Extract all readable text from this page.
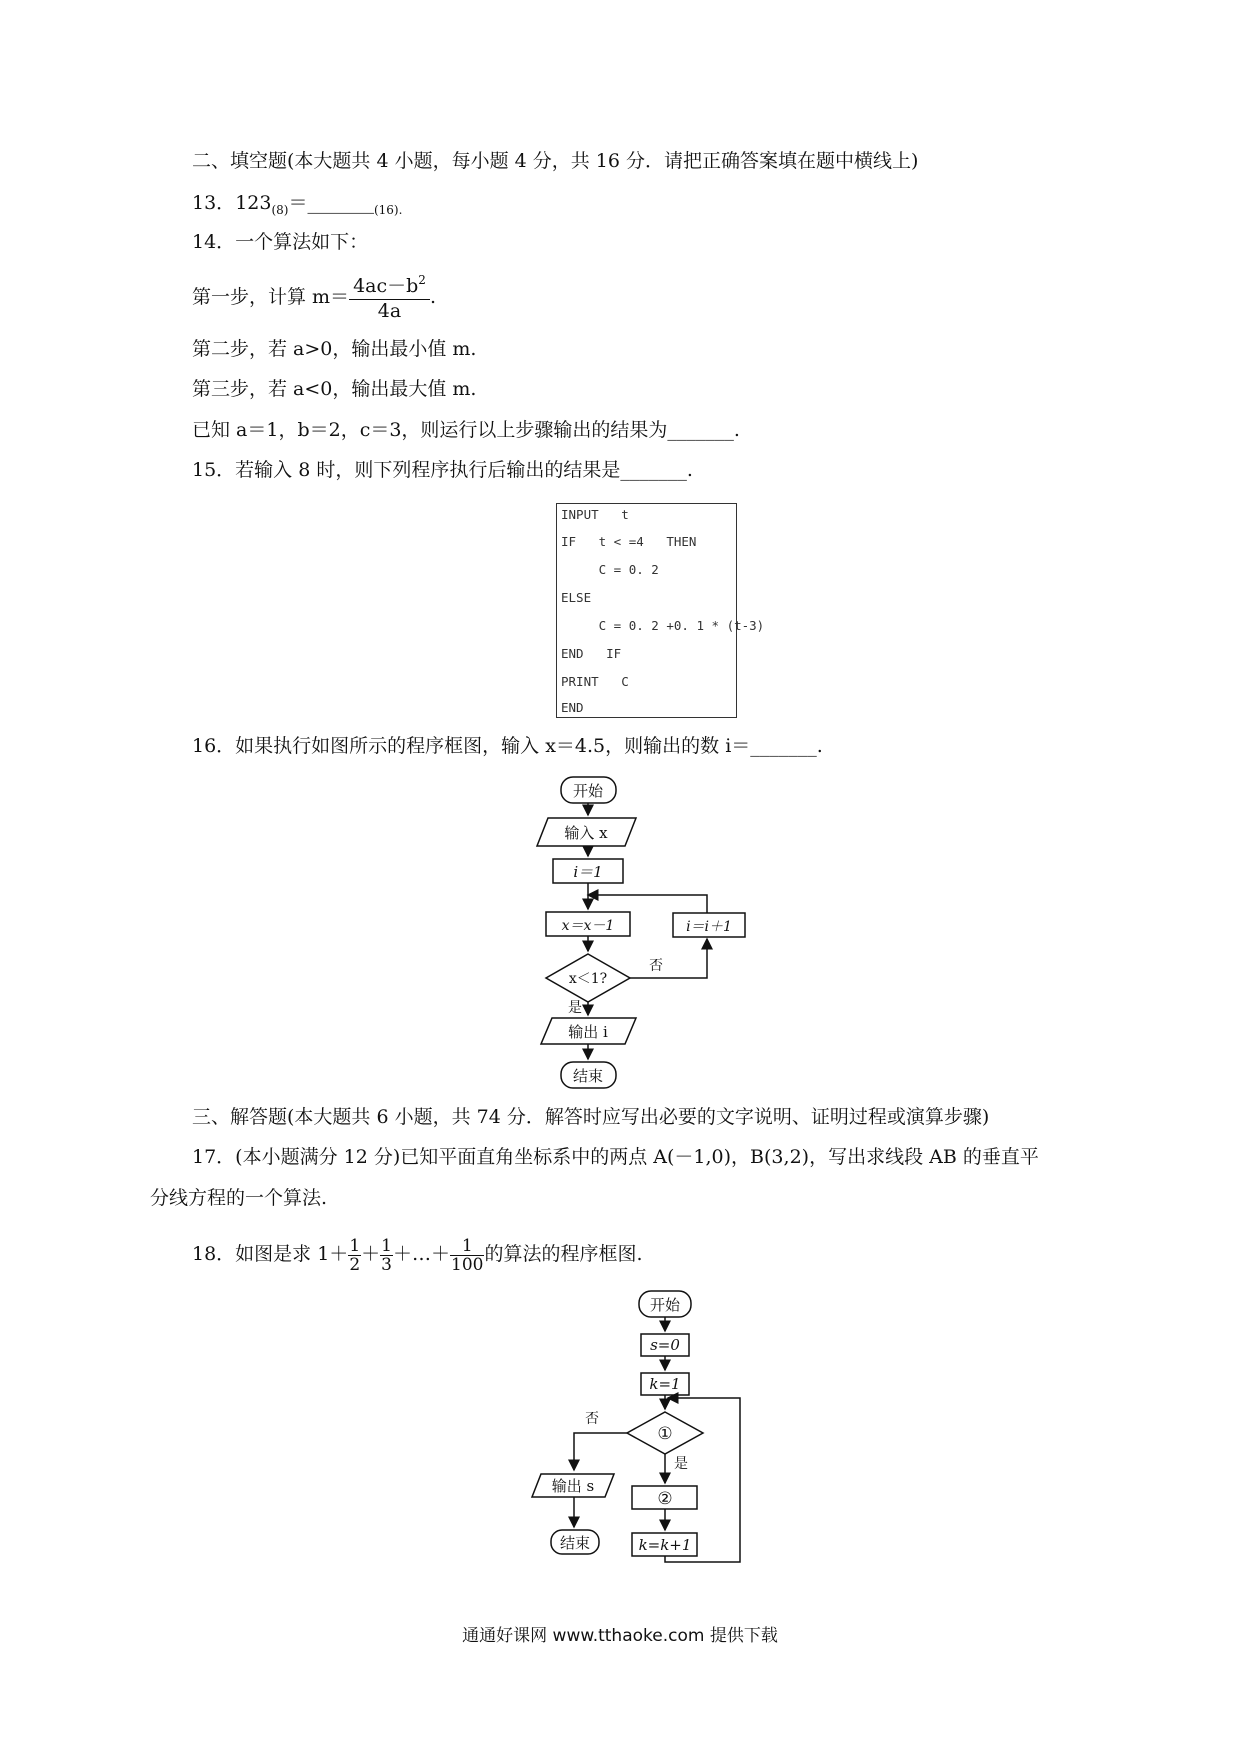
二、填空题(本大题共 4 小题，每小题 4 分，共 16 分．请把正确答案填在题中横线上)
13．$123_{(8)}=\_\_\_\_\_\_\__{(16).}$
14．一个算法如下：
第一步，计算 $m= \frac{4ac-b^2}{4a}$ .
第二步，若 a>0，输出最小值 m.
第三步，若 a<0，输出最大值 m.
已知 a＝1，b＝2，c＝3，则运行以上步骤输出的结果为_______.
15．若输入 8 时，则下列程序执行后输出的结果是_______.
INPUT   t
IF   t < =4   THEN
C = 0. 2
ELSE
C = 0. 2 +0. 1 * (t-3)
END   IF
PRINT   C
END
16．如果执行如图所示的程序框图，输入 x＝4.5，则输出的数 i＝_______.
开始
输入 x
i＝1
x＝x－1	i＝i＋1
x＜1?
否
是
输出 i
结束
开始
s=0
k=1
①
否
是
输出 s
结束
②
k=k+1
三、解答题(本大题共 6 小题，共 74 分．解答时应写出必要的文字说明、证明过程或演算步骤)
17．(本小题满分 12 分)已知平面直角坐标系中的两点 A(－1,0)，B(3,2)，写出求线段 AB 的垂直平
分线方程的一个算法.
18．如图是求 $1+ \frac{1}{2} + \frac{1}{3}$ ＋…＋ $\frac{1}{100}$ 的算法的程序框图.
通通好课网 www.tthaoke.com 提供下载
